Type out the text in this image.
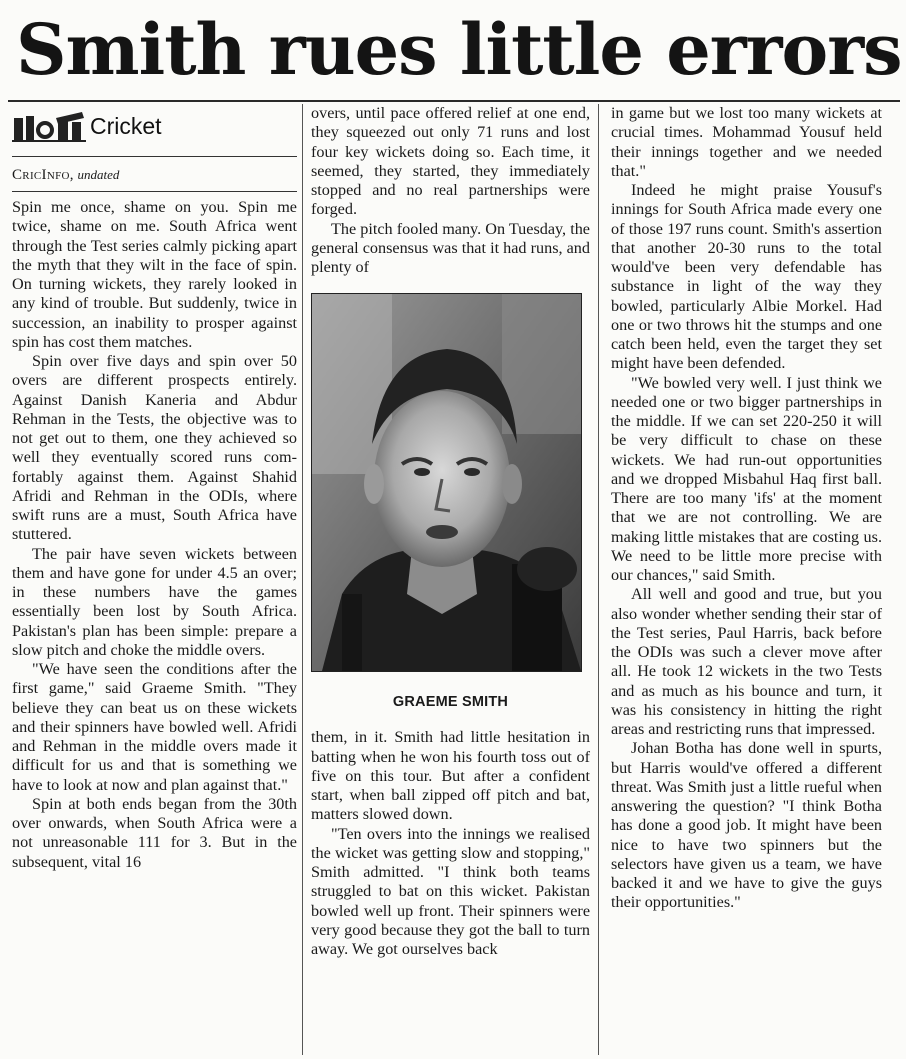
Smith rues little errors
Cricket
CricInfo, undated

Spin me once, shame on you. Spin me twice, shame on me. South Africa went through the Test series calmly picking apart the myth that they wilt in the face of spin. On turning wickets, they rarely looked in any kind of trouble. But suddenly, twice in succession, an inability to prosper against spin has cost them matches.

Spin over five days and spin over 50 overs are different prospects entirely. Against Danish Kaneria and Abdur Rehman in the Tests, the objective was to not get out to them, one they achieved so well they eventually scored runs comfortably against them. Against Shahid Afridi and Rehman in the ODIs, where swift runs are a must, South Africa have stuttered.

The pair have seven wickets between them and have gone for under 4.5 an over; in these numbers have the games essentially been lost by South Africa. Pakistan's plan has been simple: prepare a slow pitch and choke the middle overs.

"We have seen the conditions after the first game," said Graeme Smith. "They believe they can beat us on these wickets and their spinners have bowled well. Afridi and Rehman in the middle overs made it difficult for us and that is something we have to look at now and plan against that."

Spin at both ends began from the 30th over onwards, when South Africa were a not unreasonable 111 for 3. But in the subsequent, vital 16

overs, until pace offered relief at one end, they squeezed out only 71 runs and lost four key wickets doing so. Each time, it seemed, they started, they immediately stopped and no real partnerships were forged.

The pitch fooled many. On Tuesday, the general consensus was that it had runs, and plenty of

GRAEME SMITH

them, in it. Smith had little hesitation in batting when he won his fourth toss out of five on this tour. But after a confident start, when ball zipped off pitch and bat, matters slowed down.

"Ten overs into the innings we realised the wicket was getting slow and stopping," Smith admitted. "I think both teams struggled to bat on this wicket. Pakistan bowled well up front. Their spinners were very good because they got the ball to turn away. We got ourselves back

in game but we lost too many wickets at crucial times. Mohammad Yousuf held their innings together and we needed that."

Indeed he might praise Yousuf's innings for South Africa made every one of those 197 runs count. Smith's assertion that another 20-30 runs to the total would've been very defendable has substance in light of the way they bowled, particularly Albie Morkel. Had one or two throws hit the stumps and one catch been held, even the target they set might have been defended.

"We bowled very well. I just think we needed one or two bigger partnerships in the middle. If we can set 220-250 it will be very difficult to chase on these wickets. We had run-out opportunities and we dropped Misbahul Haq first ball. There are too many 'ifs' at the moment that we are not controlling. We are making little mistakes that are costing us. We need to be little more precise with our chances," said Smith.

All well and good and true, but you also wonder whether sending their star of the Test series, Paul Harris, back before the ODIs was such a clever move after all. He took 12 wickets in the two Tests and as much as his bounce and turn, it was his consistency in hitting the right areas and restricting runs that impressed.

Johan Botha has done well in spurts, but Harris would've offered a different threat. Was Smith just a little rueful when answering the question? "I think Botha has done a good job. It might have been nice to have two spinners but the selectors have given us a team, we have backed it and we have to give the guys their opportunities."
